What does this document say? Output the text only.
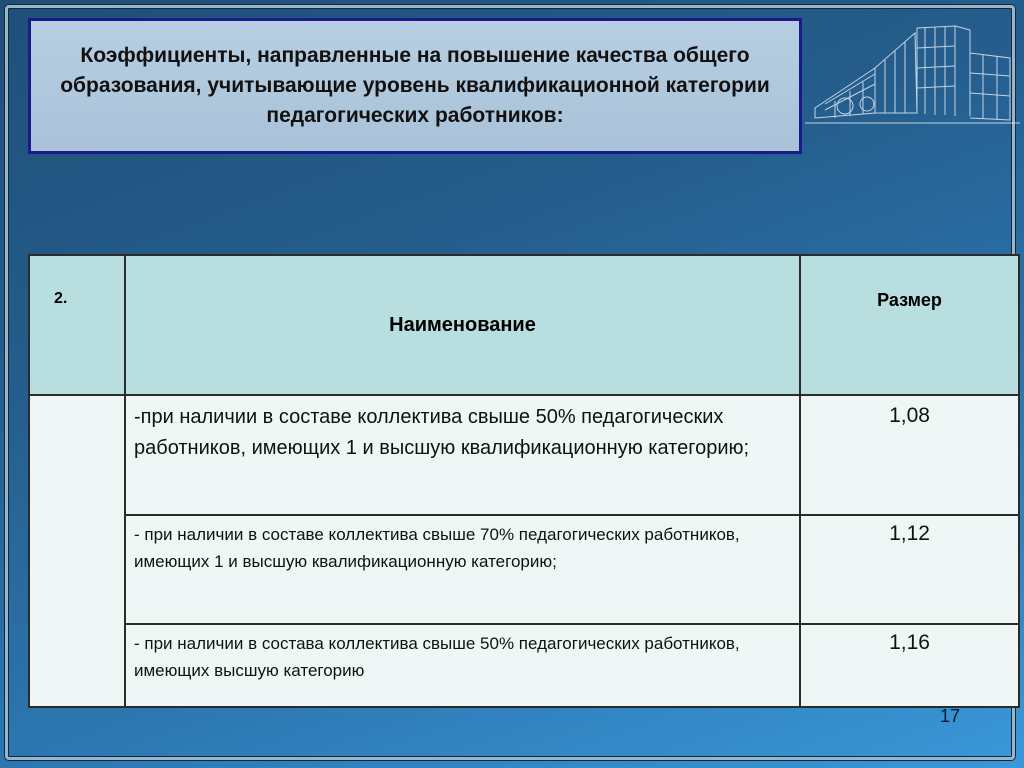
Коэффициенты, направленные на повышение качества общего образования, учитывающие уровень квалификационной категории педагогических работников:

2.	Наименование	Размер
	-при наличии в составе коллектива свыше 50% педагогических работников, имеющих 1 и высшую квалификационную категорию;	1,08
	- при наличии в составе коллектива свыше 70% педагогических работников, имеющих 1 и высшую квалификационную категорию;	1,12
	- при наличии в состава коллектива свыше 50% педагогических работников, имеющих высшую категорию	1,16
17
